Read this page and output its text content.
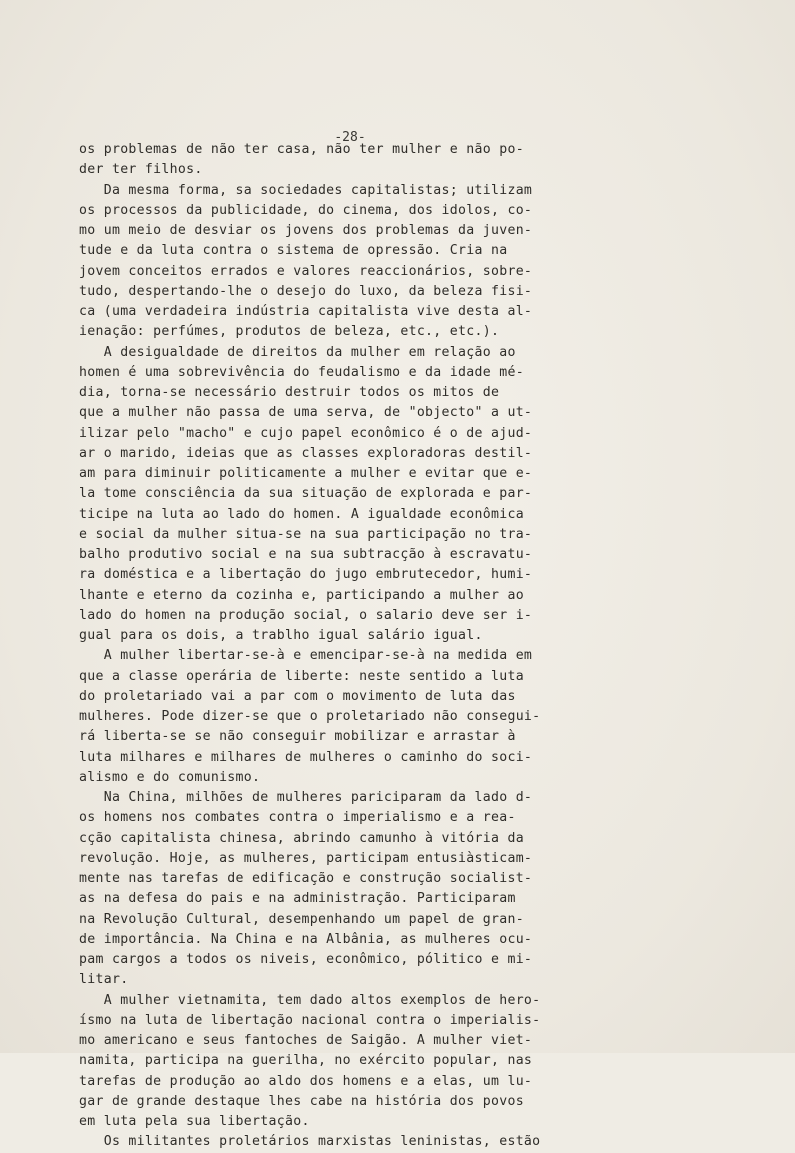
-28-
os problemas de não ter casa, não ter mulher e não po-
der ter filhos.
Da mesma forma, sa sociedades capitalistas; utilizam
os processos da publicidade, do cinema, dos idolos, co-
mo um meio de desviar os jovens dos problemas da juven-
tude e da luta contra o sistema de opressão. Cria na
jovem conceitos errados e valores reaccionários, sobre-
tudo, despertando-lhe o desejo do luxo, da beleza fisi-
ca (uma verdadeira indústria capitalista vive desta al-
ienação: perfúmes, produtos de beleza, etc., etc.).
A desigualdade de direitos da mulher em relação ao
homen é uma sobrevivência do feudalismo e da idade mé-
dia, torna-se necessário destruir todos os mitos de
que a mulher não passa de uma serva, de "objecto" a ut-
ilizar pelo "macho" e cujo papel econômico é o de ajud-
ar o marido, ideias que as classes exploradoras destil-
am para diminuir politicamente a mulher e evitar que e-
la tome consciência da sua situação de explorada e par-
ticipe na luta ao lado do homen. A igualdade econômica
e social da mulher situa-se na sua participação no tra-
balho produtivo social e na sua subtracção à escravatu-
ra doméstica e a libertação do jugo embrutecedor, humi-
lhante e eterno da cozinha e, participando a mulher ao
lado do homen na produção social, o salario deve ser i-
gual para os dois, a trablho igual salário igual.
A mulher libertar-se-à e emencipar-se-à na medida em
que a classe operária de liberte: neste sentido a luta
do proletariado vai a par com o movimento de luta das
mulheres. Pode dizer-se que o proletariado não consegui-
rá liberta-se se não conseguir mobilizar e arrastar à
luta milhares e milhares de mulheres o caminho do soci-
alismo e do comunismo.
Na China, milhões de mulheres pariciparam da lado d-
os homens nos combates contra o imperialismo e a rea-
cção capitalista chinesa, abrindo camunho à vitória da
revolução. Hoje, as mulheres, participam entusiàsticam-
mente nas tarefas de edificação e construção socialist-
as na defesa do pais e na administração. Participaram
na Revolução Cultural, desempenhando um papel de gran-
de importância. Na China e na Albânia, as mulheres ocu-
pam cargos a todos os niveis, econômico, pólitico e mi-
litar.
A mulher vietnamita, tem dado altos exemplos de hero-
ísmo na luta de libertação nacional contra o imperialis-
mo americano e seus fantoches de Saigão. A mulher viet-
namita, participa na guerilha, no exército popular, nas
tarefas de produção ao aldo dos homens e a elas, um lu-
gar de grande destaque lhes cabe na história dos povos
em luta pela sua libertação.
Os militantes proletários marxistas leninistas, estão
